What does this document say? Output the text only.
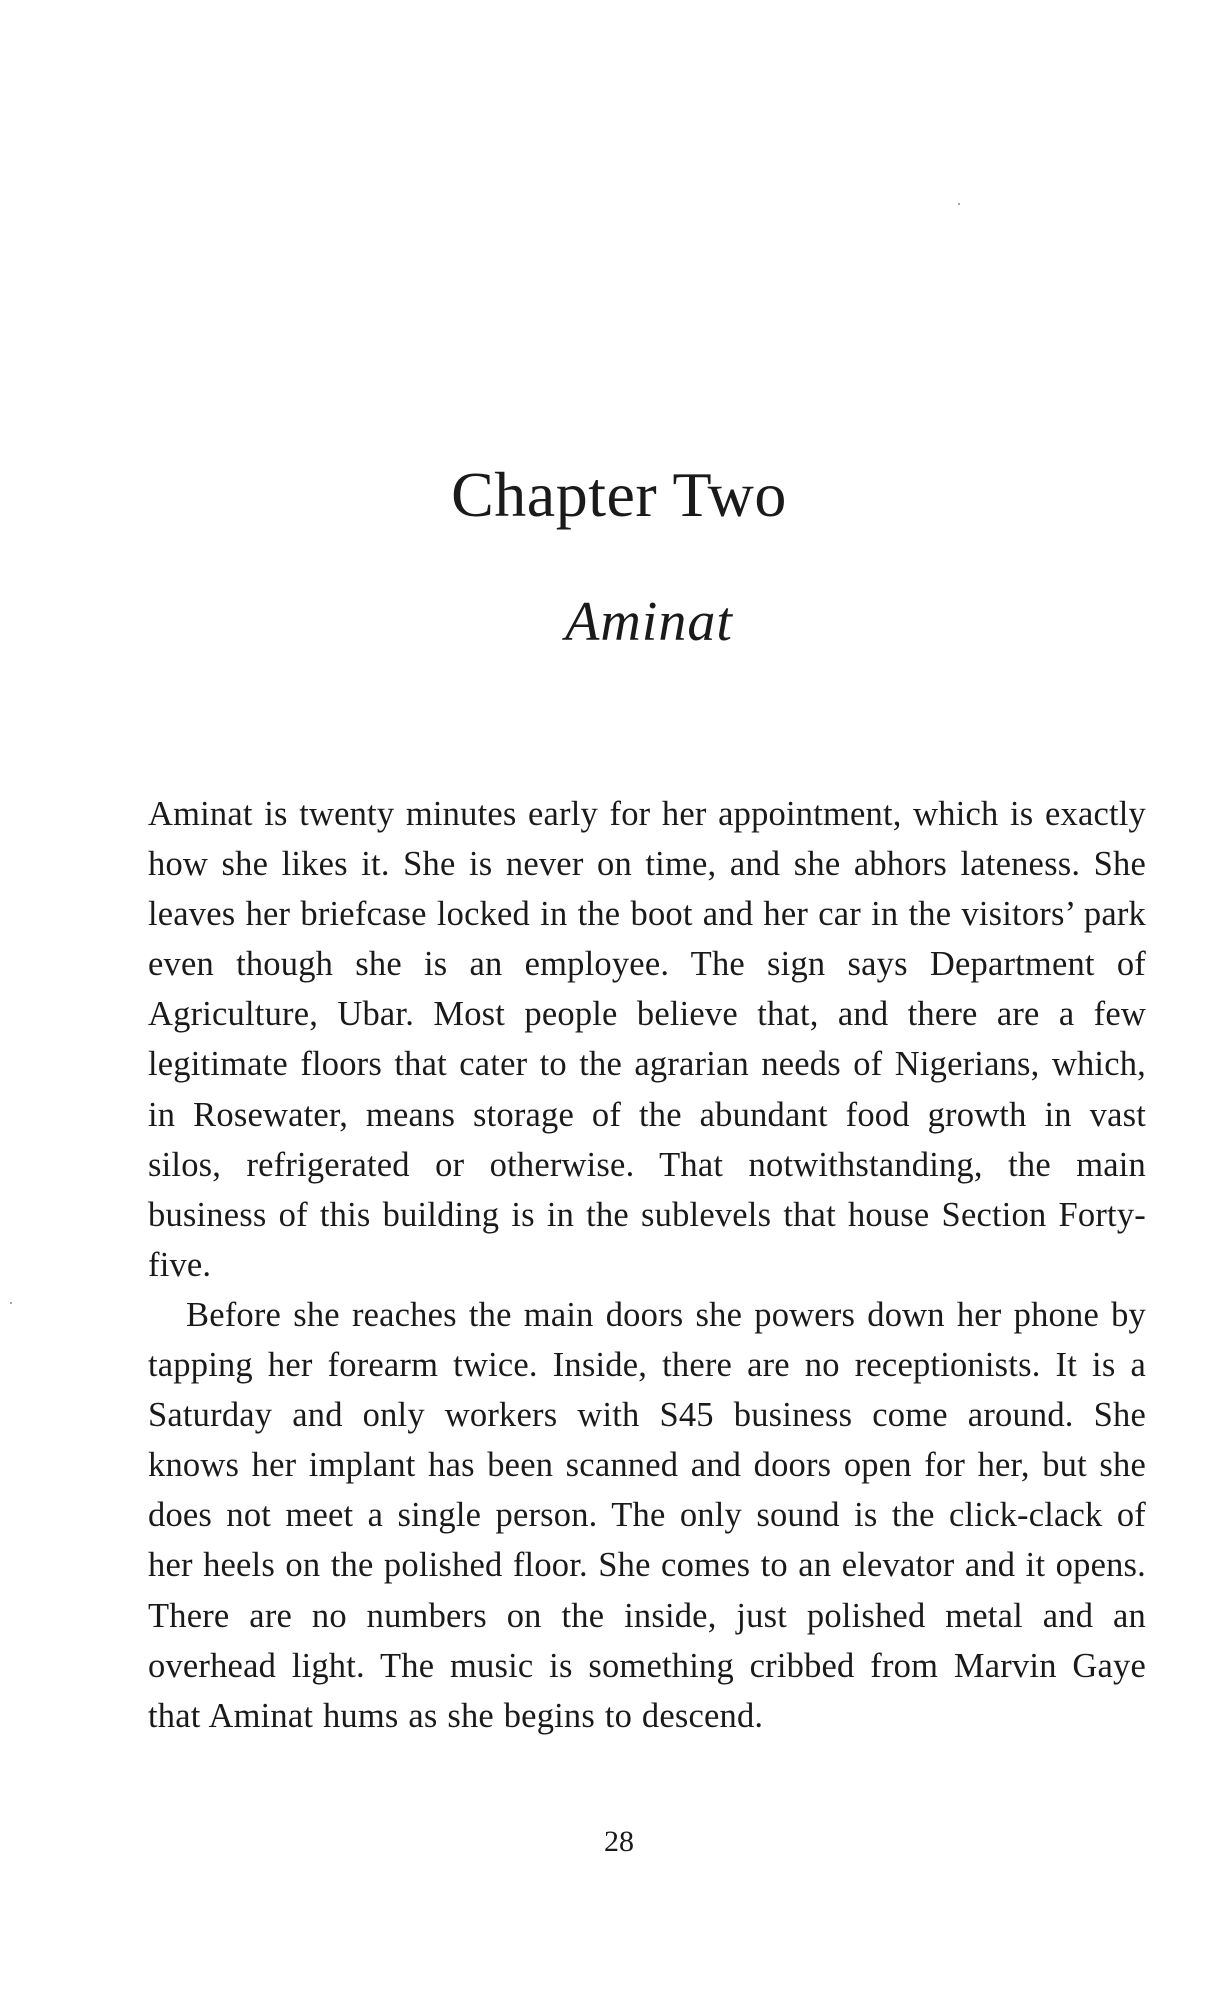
Chapter Two
Aminat

Aminat is twenty minutes early for her appointment, which is exactly how she likes it. She is never on time, and she abhors lateness. She leaves her briefcase locked in the boot and her car in the visitors’ park even though she is an employee. The sign says Department of Agriculture, Ubar. Most people believe that, and there are a few legitimate floors that cater to the agrarian needs of Nigerians, which, in Rosewater, means storage of the abundant food growth in vast silos, refrigerated or otherwise. That notwithstanding, the main business of this building is in the sublevels that house Section Forty-five.

Before she reaches the main doors she powers down her phone by tapping her forearm twice. Inside, there are no receptionists. It is a Saturday and only workers with S45 business come around. She knows her implant has been scanned and doors open for her, but she does not meet a single person. The only sound is the click-clack of her heels on the polished floor. She comes to an elevator and it opens. There are no numbers on the inside, just polished metal and an overhead light. The music is something cribbed from Marvin Gaye that Aminat hums as she begins to descend.

28
